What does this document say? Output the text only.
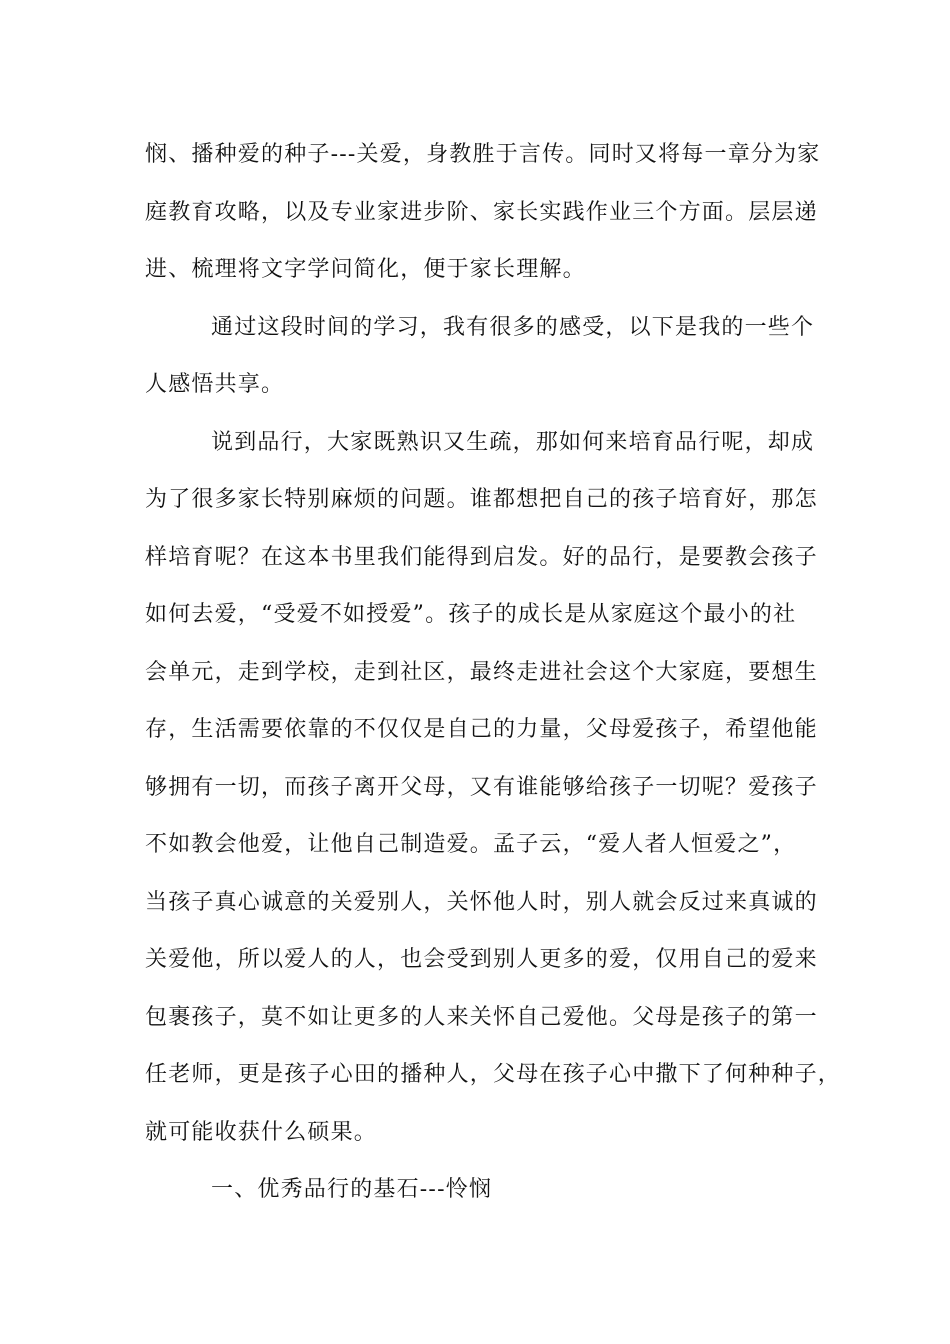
悯、播种爱的种子---关爱，身教胜于言传。同时又将每一章分为家
庭教育攻略，以及专业家进步阶、家长实践作业三个方面。层层递
进、梳理将文字学问简化，便于家长理解。
通过这段时间的学习，我有很多的感受，以下是我的一些个
人感悟共享。
说到品行，大家既熟识又生疏，那如何来培育品行呢，却成
为了很多家长特别麻烦的问题。谁都想把自己的孩子培育好，那怎
样培育呢？在这本书里我们能得到启发。好的品行，是要教会孩子
如何去爱，“受爱不如授爱”。孩子的成长是从家庭这个最小的社
会单元，走到学校，走到社区，最终走进社会这个大家庭，要想生
存，生活需要依靠的不仅仅是自己的力量，父母爱孩子，希望他能
够拥有一切，而孩子离开父母，又有谁能够给孩子一切呢？爱孩子
不如教会他爱，让他自己制造爱。孟子云，“爱人者人恒爱之”，
当孩子真心诚意的关爱别人，关怀他人时，别人就会反过来真诚的
关爱他，所以爱人的人，也会受到别人更多的爱，仅用自己的爱来
包裹孩子，莫不如让更多的人来关怀自己爱他。父母是孩子的第一
任老师，更是孩子心田的播种人，父母在孩子心中撒下了何种种子，
就可能收获什么硕果。
一、优秀品行的基石---怜悯
